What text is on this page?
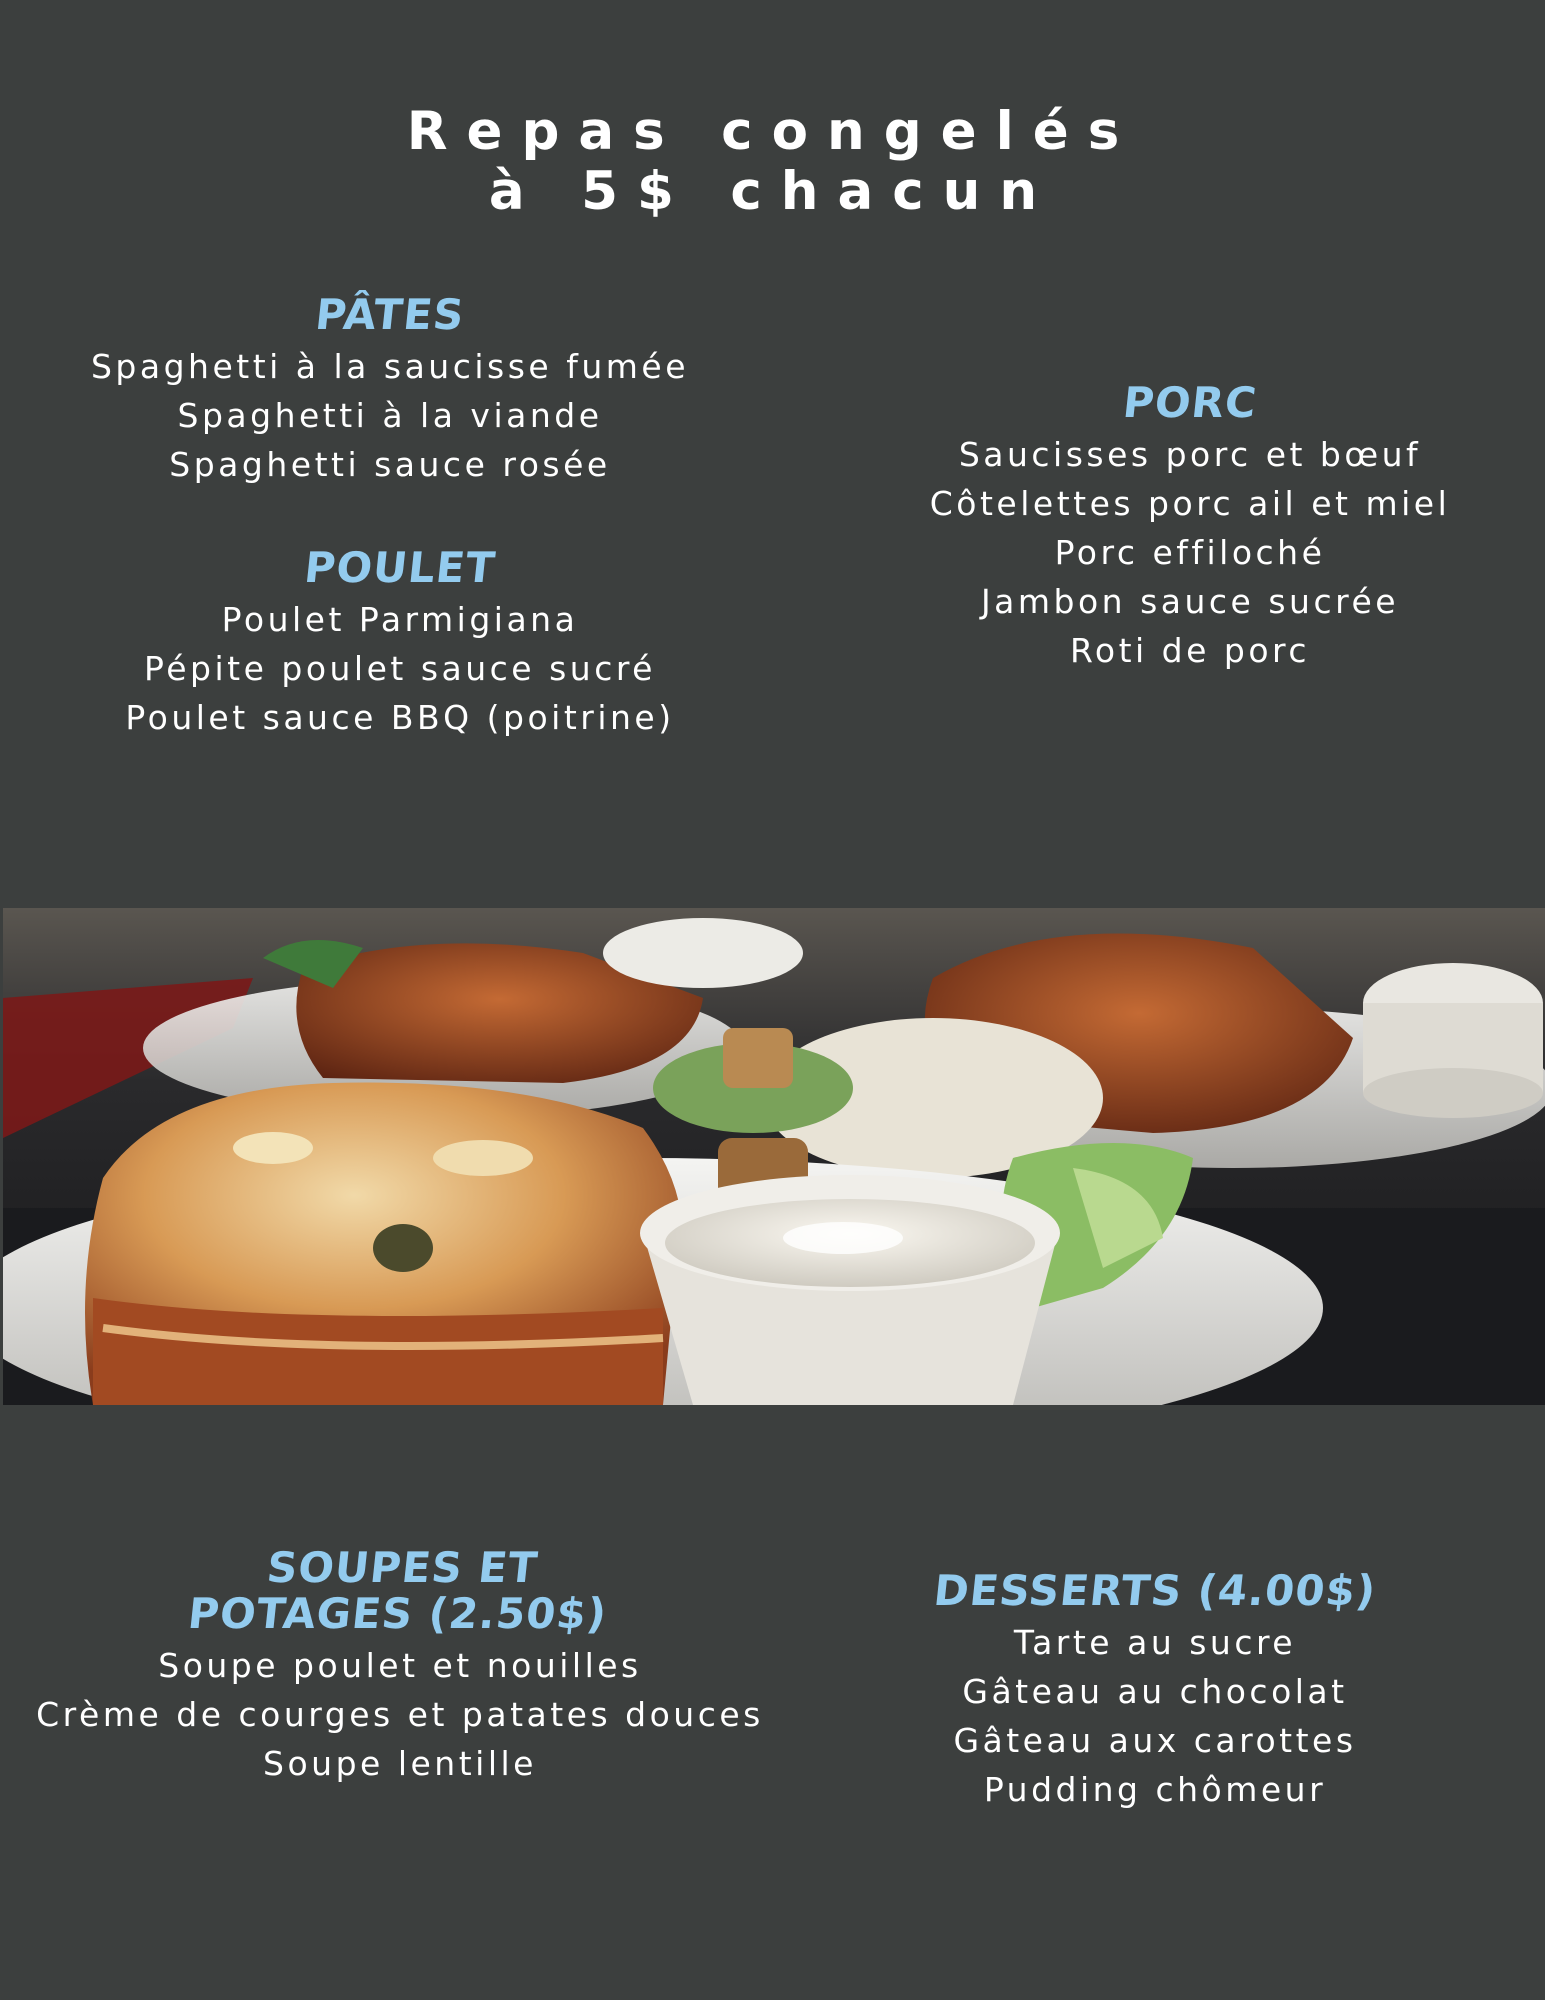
Repas congelés
à 5$ chacun
PÂTES
Spaghetti à la saucisse fumée
Spaghetti à la viande
Spaghetti sauce rosée
POULET
Poulet Parmigiana
Pépite poulet sauce sucré
Poulet sauce BBQ (poitrine)
PORC
Saucisses porc et bœuf
Côtelettes porc ail et miel
Porc effiloché
Jambon sauce sucrée
Roti de porc
SOUPES ET
POTAGES (2.50$)
Soupe poulet et nouilles
Crème de courges et patates douces
Soupe lentille
DESSERTS (4.00$)
Tarte au sucre
Gâteau au chocolat
Gâteau aux carottes
Pudding chômeur
